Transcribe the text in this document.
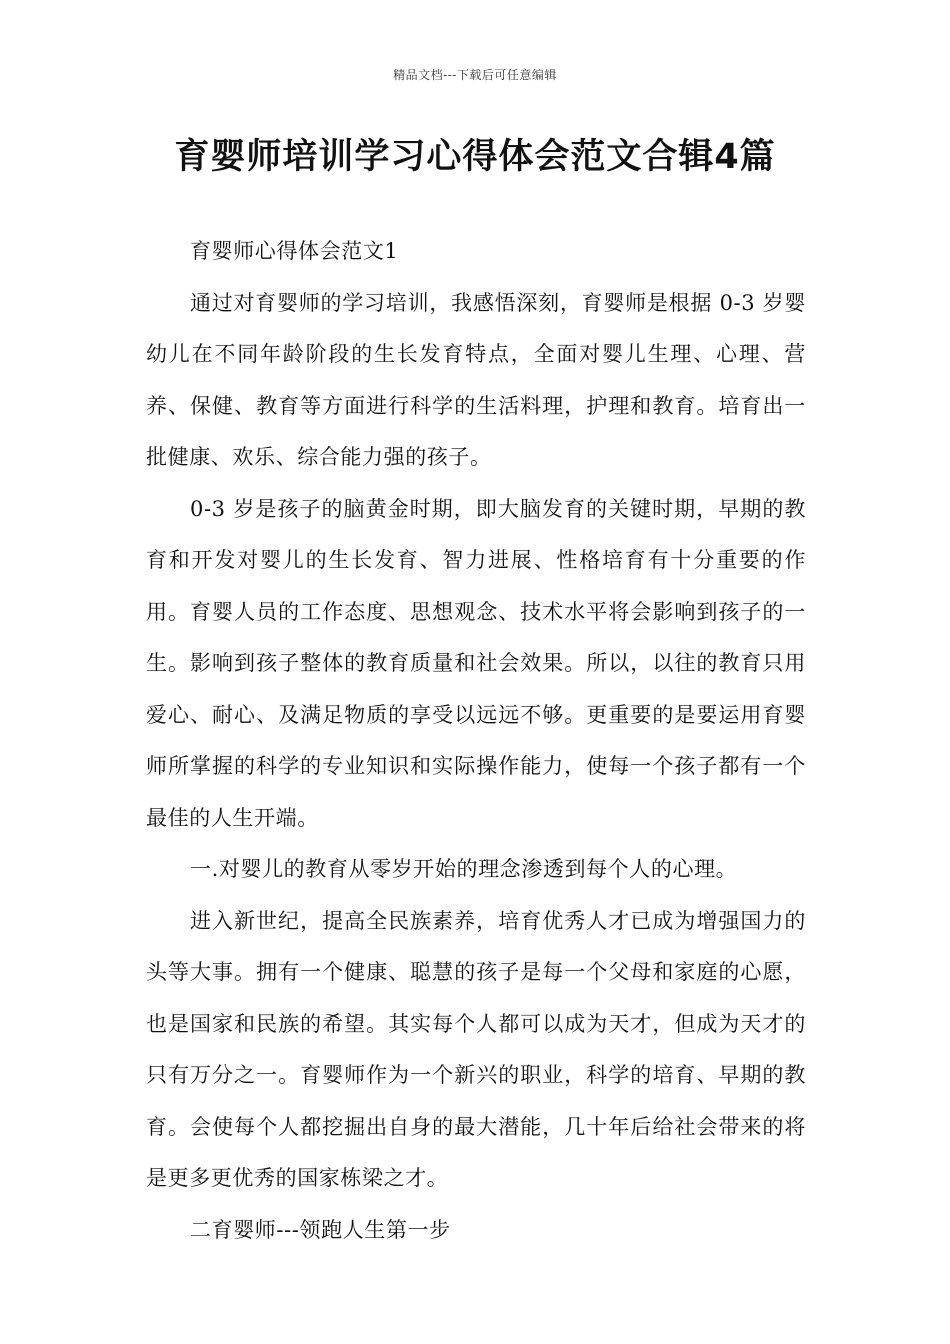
精品文档---下载后可任意编辑
育婴师培训学习心得体会范文合辑4篇

育婴师心得体会范文1

通过对育婴师的学习培训，我感悟深刻，育婴师是根据 0-3 岁婴幼儿在不同年龄阶段的生长发育特点，全面对婴儿生理、心理、营养、保健、教育等方面进行科学的生活料理，护理和教育。培育出一批健康、欢乐、综合能力强的孩子。

0-3 岁是孩子的脑黄金时期，即大脑发育的关键时期，早期的教育和开发对婴儿的生长发育、智力进展、性格培育有十分重要的作用。育婴人员的工作态度、思想观念、技术水平将会影响到孩子的一生。影响到孩子整体的教育质量和社会效果。所以，以往的教育只用爱心、耐心、及满足物质的享受以远远不够。更重要的是要运用育婴师所掌握的科学的专业知识和实际操作能力，使每一个孩子都有一个最佳的人生开端。

一.对婴儿的教育从零岁开始的理念渗透到每个人的心理。

进入新世纪，提高全民族素养，培育优秀人才已成为增强国力的头等大事。拥有一个健康、聪慧的孩子是每一个父母和家庭的心愿，也是国家和民族的希望。其实每个人都可以成为天才，但成为天才的只有万分之一。育婴师作为一个新兴的职业，科学的培育、早期的教育。会使每个人都挖掘出自身的最大潜能，几十年后给社会带来的将是更多更优秀的国家栋梁之才。

二育婴师---领跑人生第一步
